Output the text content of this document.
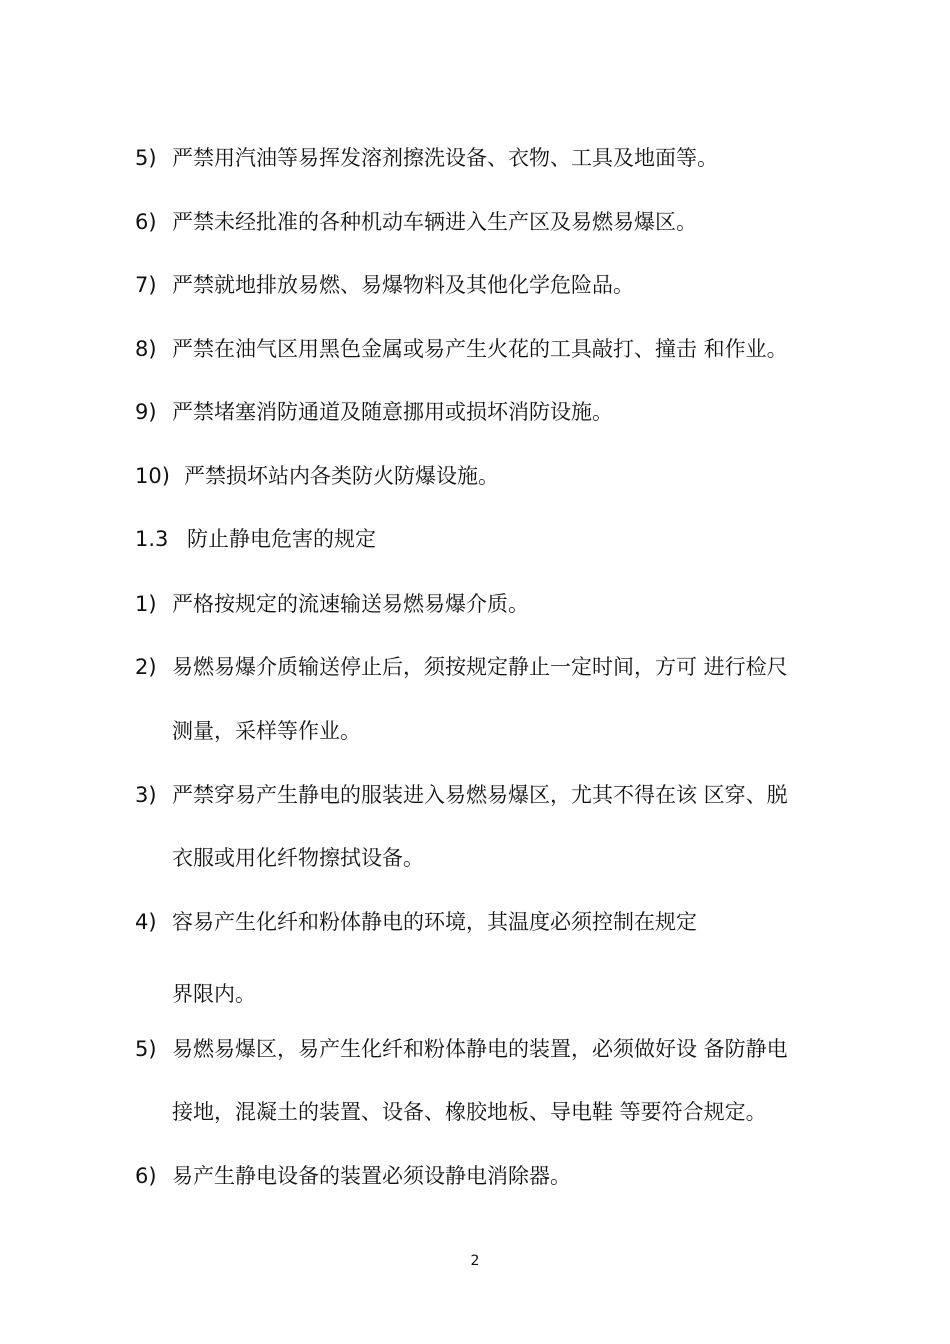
5) 严禁用汽油等易挥发溶剂擦洗设备、衣物、工具及地面等。
6) 严禁未经批准的各种机动车辆进入生产区及易燃易爆区。
7) 严禁就地排放易燃、易爆物料及其他化学危险品。
8) 严禁在油气区用黑色金属或易产生火花的工具敲打、撞击 和作业。
9) 严禁堵塞消防通道及随意挪用或损坏消防设施。
10) 严禁损坏站内各类防火防爆设施。
1.3 防止静电危害的规定
1) 严格按规定的流速输送易燃易爆介质。
2) 易燃易爆介质输送停止后，须按规定静止一定时间，方可 进行检尺
测量，采样等作业。
3) 严禁穿易产生静电的服装进入易燃易爆区，尤其不得在该 区穿、脱
衣服或用化纤物擦拭设备。
4) 容易产生化纤和粉体静电的环境，其温度必须控制在规定
界限内。
5) 易燃易爆区，易产生化纤和粉体静电的装置，必须做好设 备防静电
接地，混凝土的装置、设备、橡胶地板、导电鞋 等要符合规定。
6) 易产生静电设备的装置必须设静电消除器。
2
